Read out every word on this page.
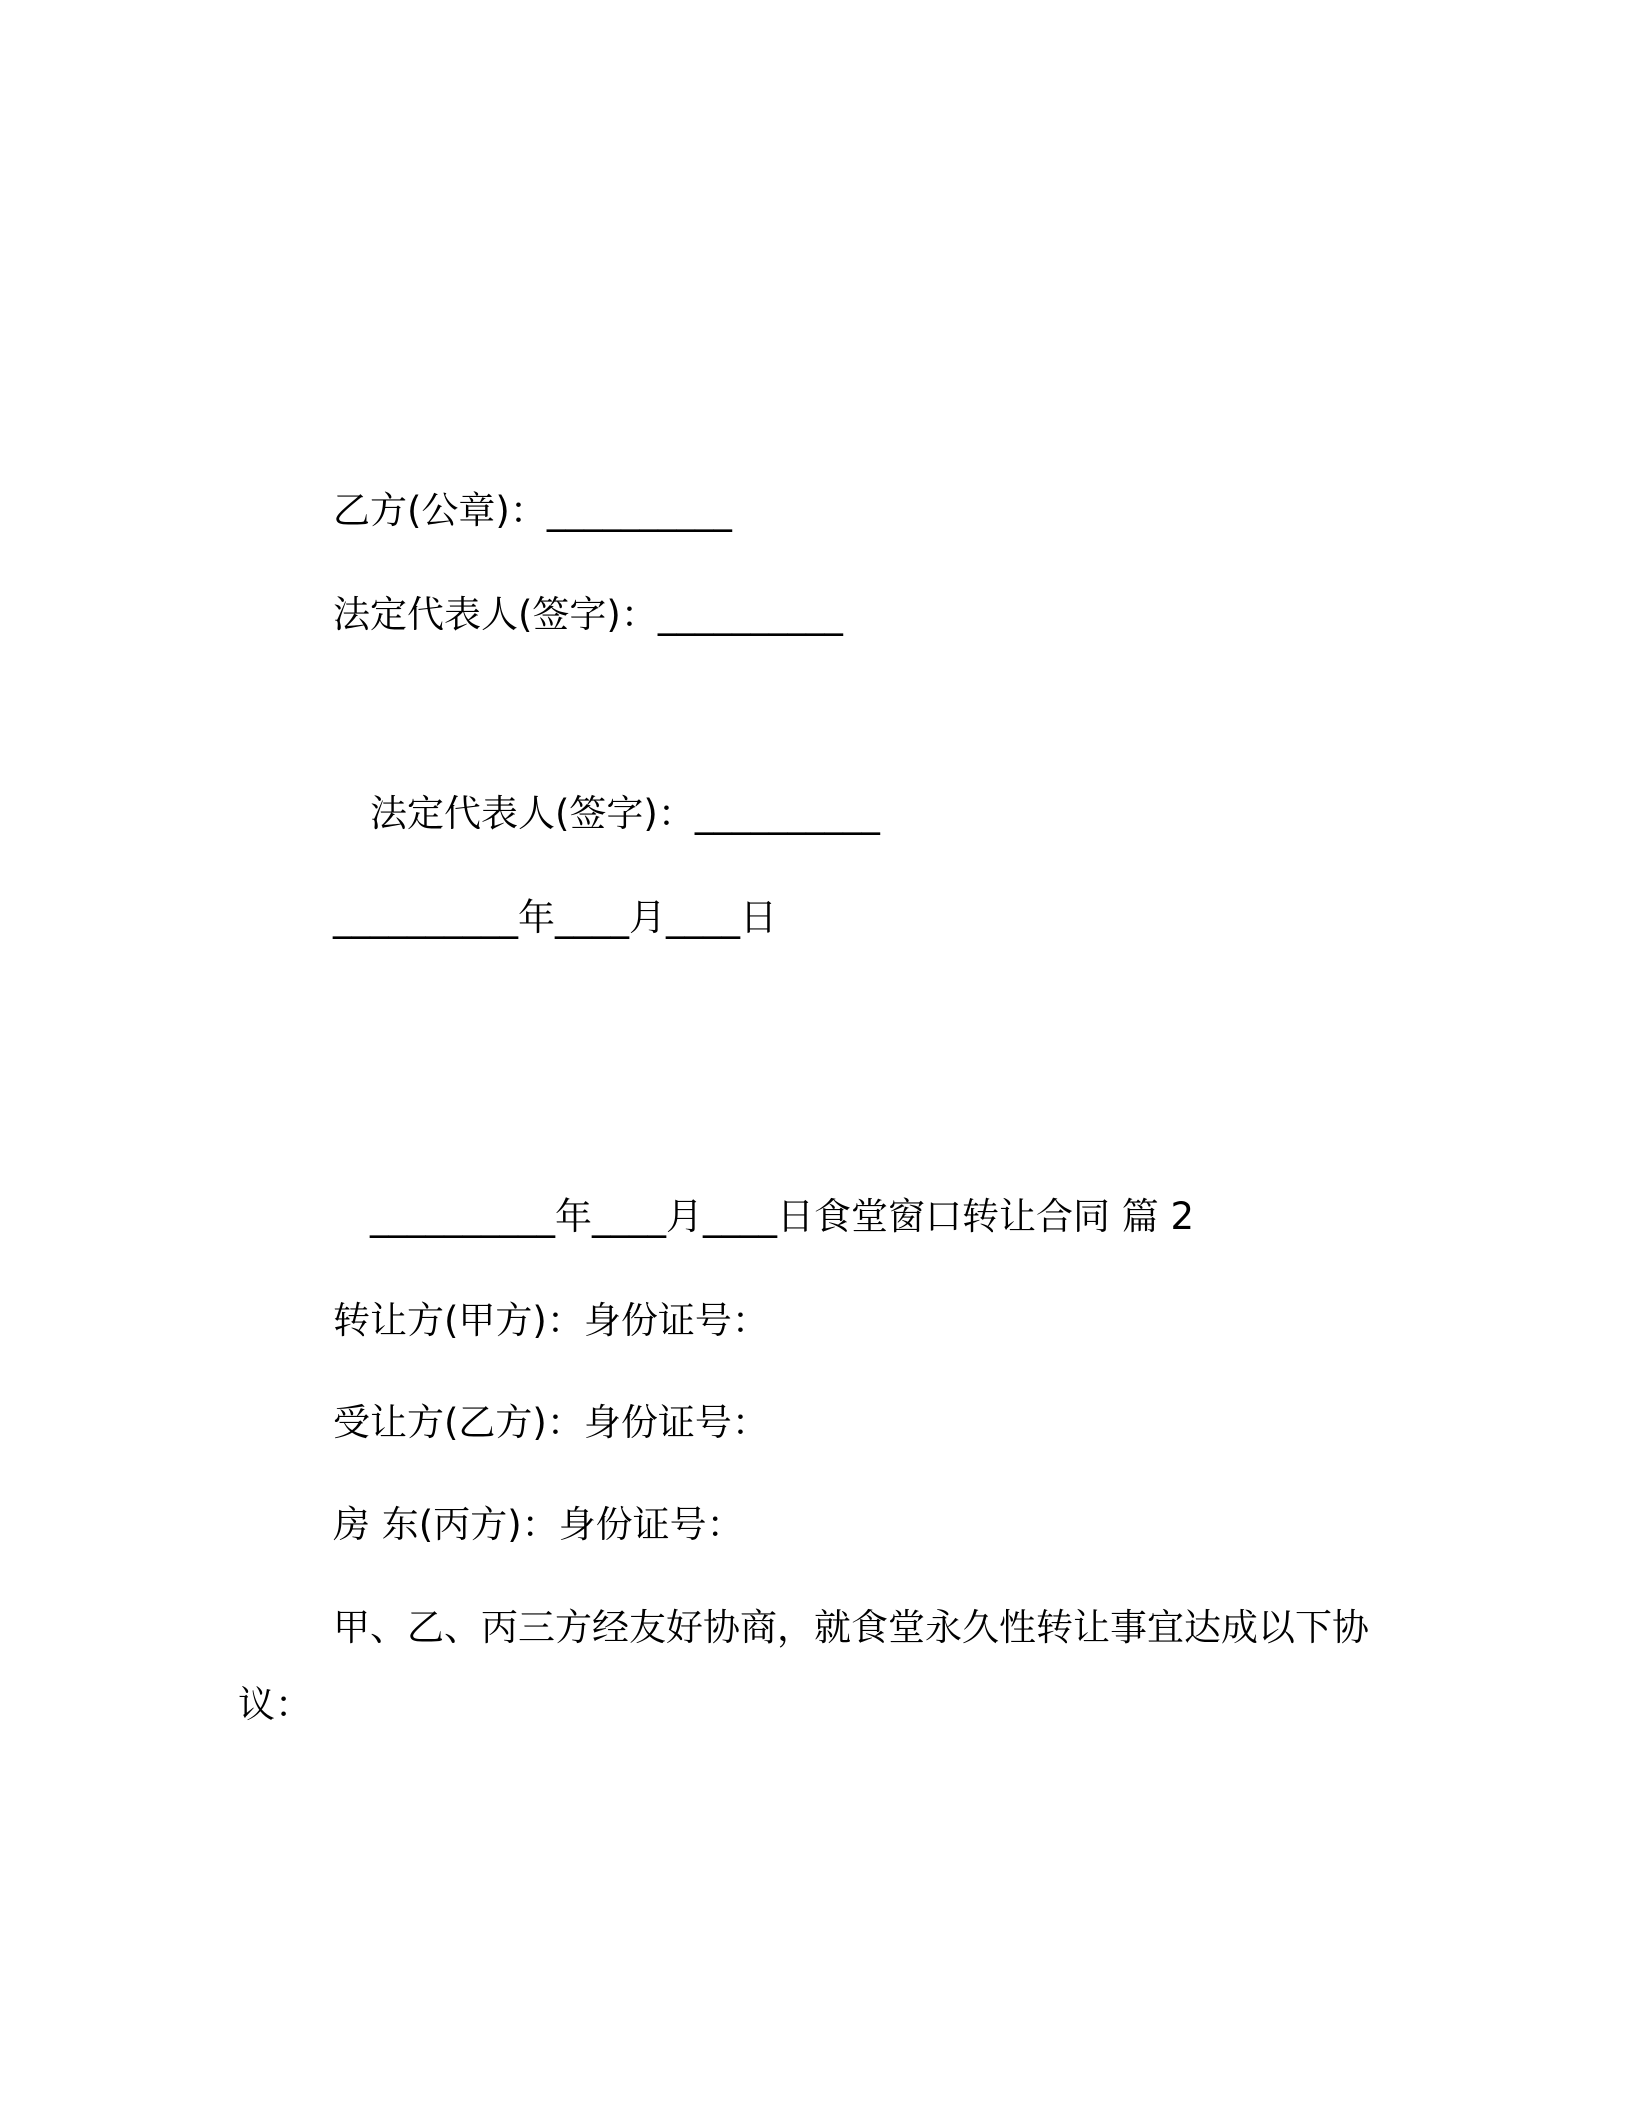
乙方(公章)：__________
法定代表人(签字)：__________
法定代表人(签字)：__________
__________年____月____日
__________年____月____日食堂窗口转让合同 篇 2
转让方(甲方)：身份证号：
受让方(乙方)：身份证号：
房 东(丙方)：身份证号：
甲、乙、丙三方经友好协商，就食堂永久性转让事宜达成以下协
议：
